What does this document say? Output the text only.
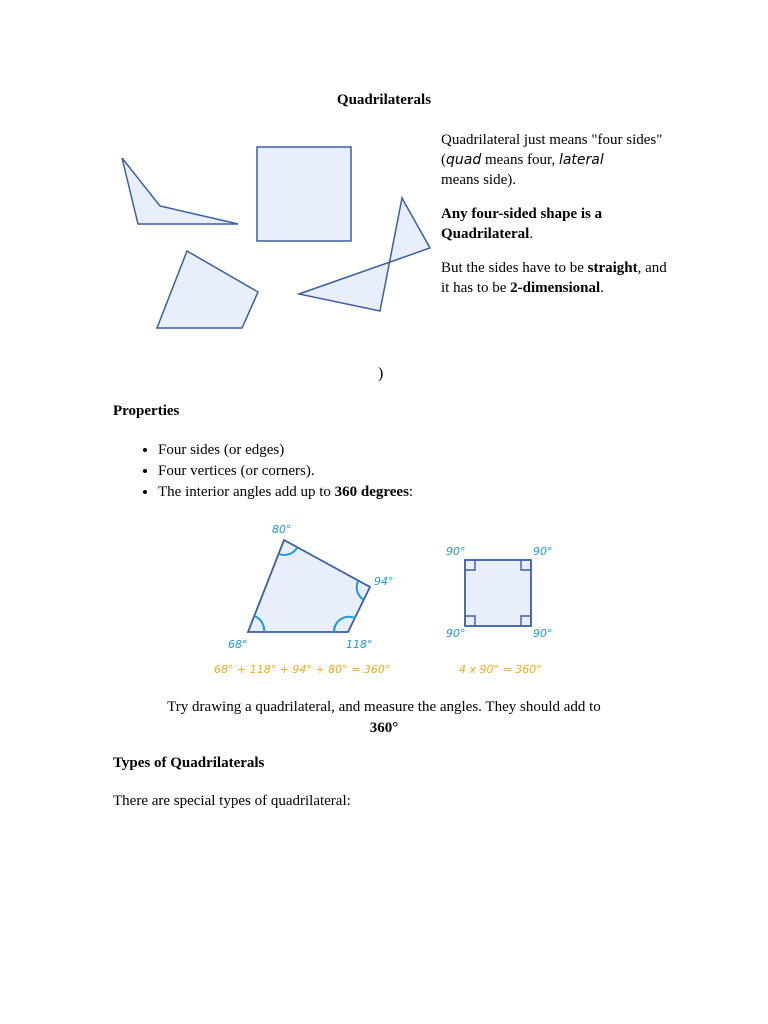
Quadrilaterals

Quadrilateral just means "four sides"
(quad means four, lateral
means side).

Any four-sided shape is a Quadrilateral.

But the sides have to be straight, and it has to be 2-dimensional.

)
Properties
• Four sides (or edges)
• Four vertices (or corners).
• The interior angles add up to 360 degrees:
80°
94°
68°	118°
68° + 118° + 94° + 80° = 360°
90°	90°
90°	90°
4 x 90° = 360°
Try drawing a quadrilateral, and measure the angles. They should add to
360°
Types of Quadrilaterals
There are special types of quadrilateral:
